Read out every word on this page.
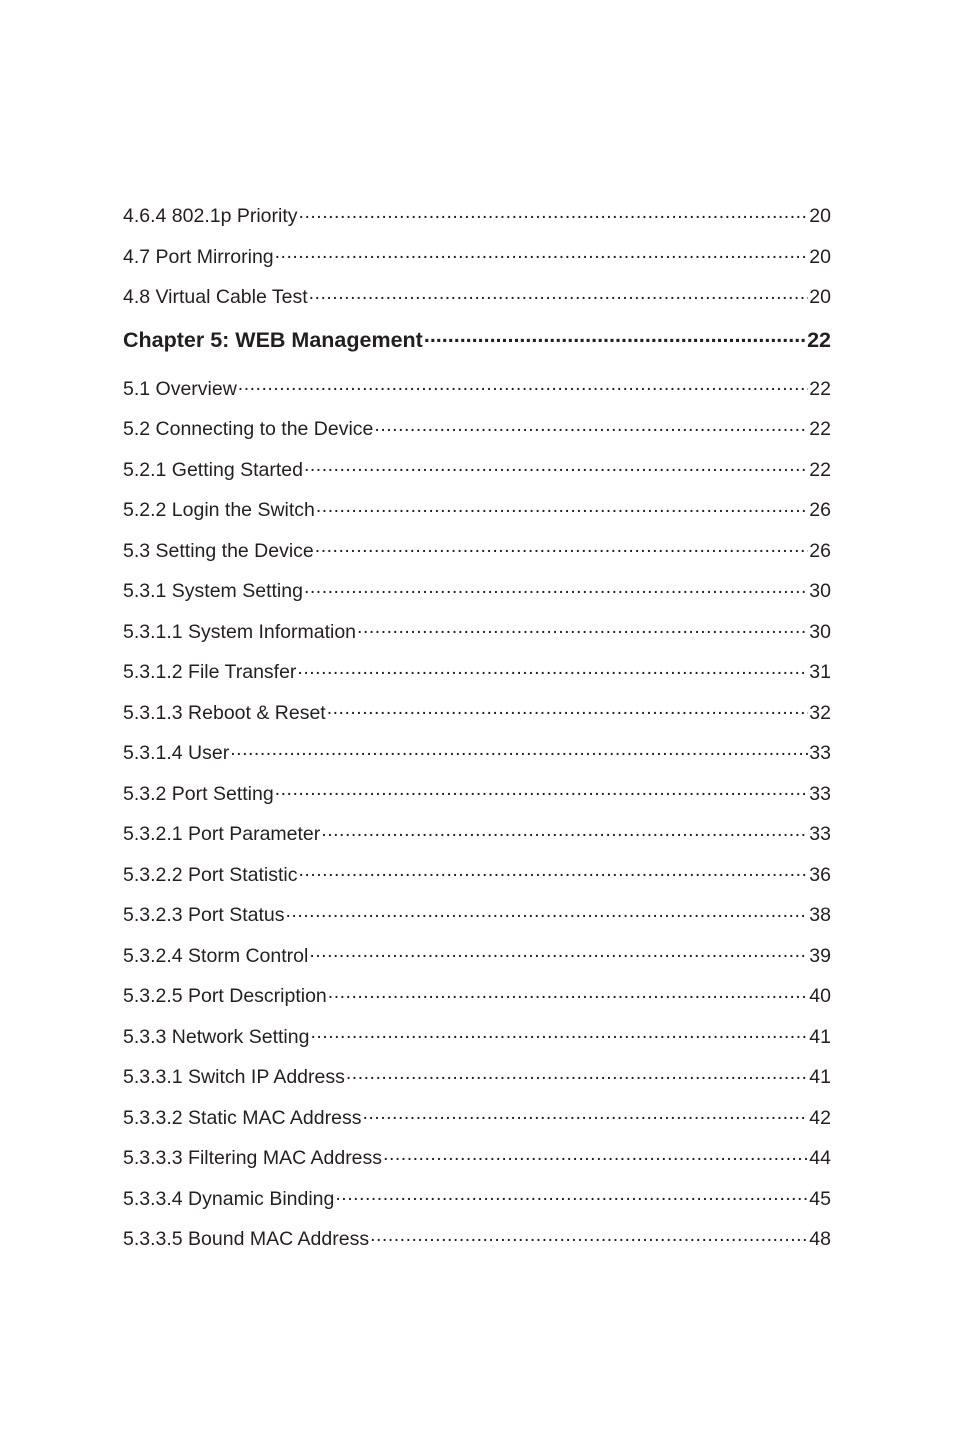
4.6.4 802.1p Priority .....	20
4.7 Port Mirroring .....	20
4.8 Virtual Cable Test .....	20
Chapter 5: WEB Management .....	22
5.1 Overview .....	22
5.2 Connecting to the Device .....	22
5.2.1 Getting Started .....	22
5.2.2 Login the Switch .....	26
5.3 Setting the Device .....	26
5.3.1 System Setting .....	30
5.3.1.1 System Information .....	30
5.3.1.2 File Transfer .....	31
5.3.1.3 Reboot & Reset .....	32
5.3.1.4 User .....	33
5.3.2 Port Setting .....	33
5.3.2.1 Port Parameter .....	33
5.3.2.2 Port Statistic .....	36
5.3.2.3 Port Status .....	38
5.3.2.4 Storm Control .....	39
5.3.2.5 Port Description .....	40
5.3.3 Network Setting .....	41
5.3.3.1 Switch IP Address .....	41
5.3.3.2 Static MAC Address .....	42
5.3.3.3 Filtering MAC Address .....	44
5.3.3.4 Dynamic Binding .....	45
5.3.3.5 Bound MAC Address .....	48
